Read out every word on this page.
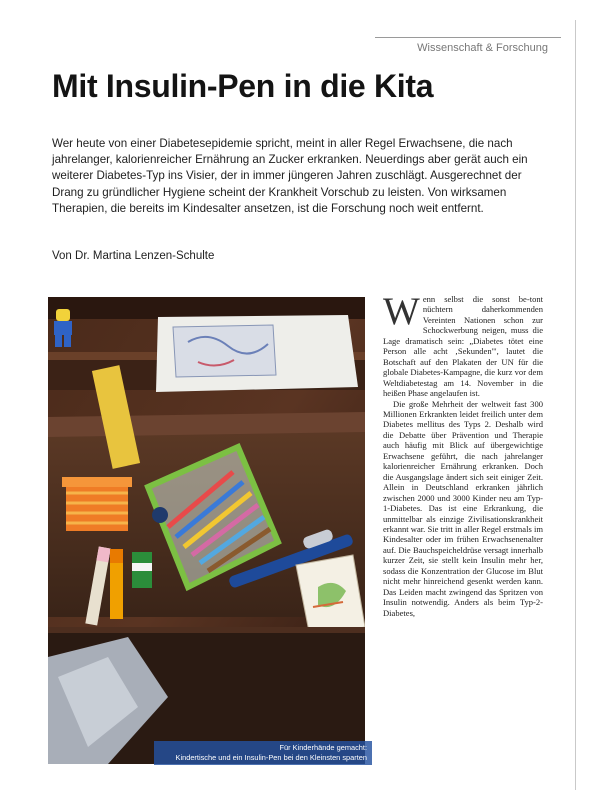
Wissenschaft & Forschung
Mit Insulin-Pen in die Kita

Wer heute von einer Diabetesepidemie spricht, meint in aller Regel Erwachsene, die nach jahrelanger, kalorienreicher Ernährung an Zucker erkranken. Neuerdings aber gerät auch ein weiterer Diabetes-Typ ins Visier, der in immer jüngeren Jahren zuschlägt. Ausgerechnet der Drang zu gründlicher Hygiene scheint der Krankheit Vorschub zu leisten. Von wirksamen Therapien, die bereits im Kindesalter ansetzen, ist die Forschung noch weit entfernt.

Von Dr. Martina Lenzen-Schulte
Für Kinderhände gemacht:
Kindertische und ein Insulin-Pen bei den Kleinsten sparten

Wenn selbst die sonst be-tont nüchtern daherkommenden Vereinten Nationen schon zur Schockwerbung neigen, muss die Lage dramatisch sein: „Diabetes tötet eine Person alle acht ‚Sekunden'", lautet die Botschaft auf den Plakaten der UN für die globale Diabetes-Kampagne, die kurz vor dem Weltdiabetestag am 14. November in die heißen Phase angelaufen ist.

Die große Mehrheit der weltweit fast 300 Millionen Erkrankten leidet freilich unter dem Diabetes mellitus des Typs 2. Deshalb wird die Debatte über Prävention und Therapie auch häufig mit Blick auf übergewichtige Erwachsene geführt, die nach jahrelanger kalorienreicher Ernährung erkranken. Doch die Ausgangslage ändert sich seit einiger Zeit. Allein in Deutschland erkranken jährlich zwischen 2000 und 3000 Kinder neu am Typ-1-Diabetes. Das ist eine Erkrankung, die unmittelbar als einzige Zivilisationskrankheit erkannt war. Sie tritt in aller Regel erstmals im Kindesalter oder im frühen Erwachsenenalter auf. Die Bauchspeicheldrüse versagt innerhalb kurzer Zeit, sie stellt kein Insulin mehr her, sodass die Konzentration der Glucose im Blut nicht mehr hinreichend gesenkt werden kann. Das Leiden macht zwingend das Spritzen von Insulin notwendig. Anders als beim Typ-2-Diabetes,
